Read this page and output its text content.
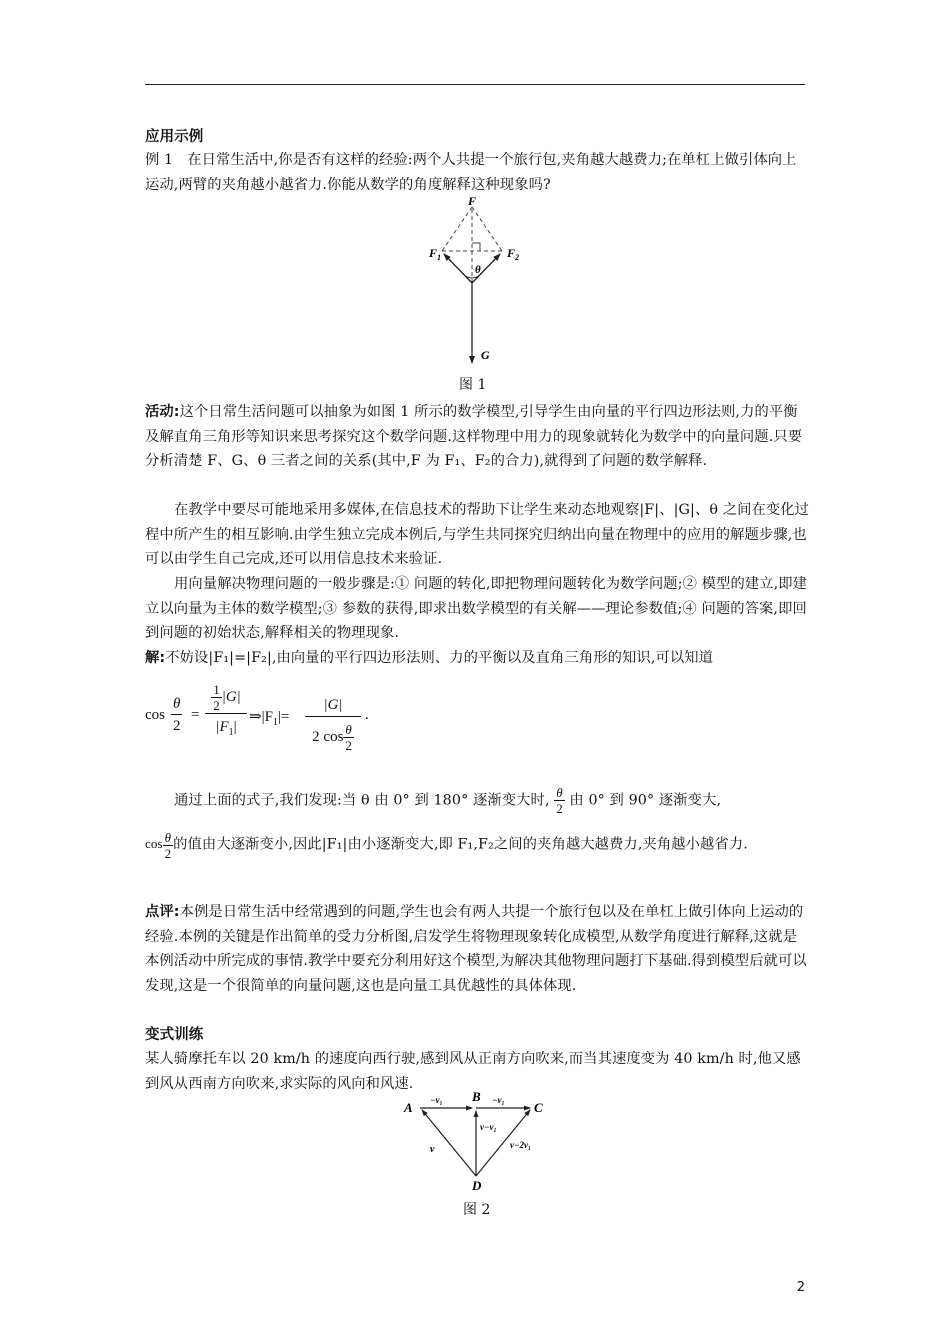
应用示例
例 1 在日常生活中,你是否有这样的经验:两个人共提一个旅行包,夹角越大越费力;在单杠上做引体向上运动,两臂的夹角越小越省力.你能从数学的角度解释这种现象吗?
F
$F_1$	$F_2$
θ
G
图 1
活动:这个日常生活问题可以抽象为如图 1 所示的数学模型,引导学生由向量的平行四边形法则,力的平衡及解直角三角形等知识来思考探究这个数学问题.这样物理中用力的现象就转化为数学中的向量问题.只要分析清楚 F、G、θ 三者之间的关系(其中,F 为 F₁、F₂的合力),就得到了问题的数学解释.
在教学中要尽可能地采用多媒体,在信息技术的帮助下让学生来动态地观察|F|、|G|、θ 之间在变化过程中所产生的相互影响.由学生独立完成本例后,与学生共同探究归纳出向量在物理中的应用的解题步骤,也可以由学生自己完成,还可以用信息技术来验证.
用向量解决物理问题的一般步骤是:① 问题的转化,即把物理问题转化为数学问题;② 模型的建立,即建立以向量为主体的数学模型;③ 参数的获得,即求出数学模型的有关解——理论参数值;④ 问题的答案,即回到问题的初始状态,解释相关的物理现象.
解:不妨设|F₁|=|F₂|,由向量的平行四边形法则、力的平衡以及直角三角形的知识,可以知道
$\cos \frac{\theta}{2}$ =
$\frac{1}{2} |G|$
$|F_1|$
$\Rightarrow|F_1|=$
|G|
2 $\cos \frac{\theta}{2}$
.
通过上面的式子,我们发现:当 θ 由 0° 到 180° 逐渐变大时, $\frac{\theta}{2}$ 由 0° 到 90° 逐渐变大,
$\cos \frac{\theta}{2}$ 的值由大逐渐变小,因此|F₁|由小逐渐变大,即 F₁,F₂之间的夹角越大越费力,夹角越小越省力.
点评:本例是日常生活中经常遇到的问题,学生也会有两人共提一个旅行包以及在单杠上做引体向上运动的经验.本例的关键是作出简单的受力分析图,启发学生将物理现象转化成模型,从数学角度进行解释,这就是本例活动中所完成的事情.教学中要充分利用好这个模型,为解决其他物理问题打下基础.得到模型后就可以发现,这是一个很简单的向量问题,这也是向量工具优越性的具体体现.
变式训练
某人骑摩托车以 20 km/h 的速度向西行驶,感到风从正南方向吹来,而当其速度变为 40 km/h 时,他又感到风从西南方向吹来,求实际的风向和风速.
A
B
C
D
−v₁	−v₁
v
v−v₁
v−2v₁
图 2
2
